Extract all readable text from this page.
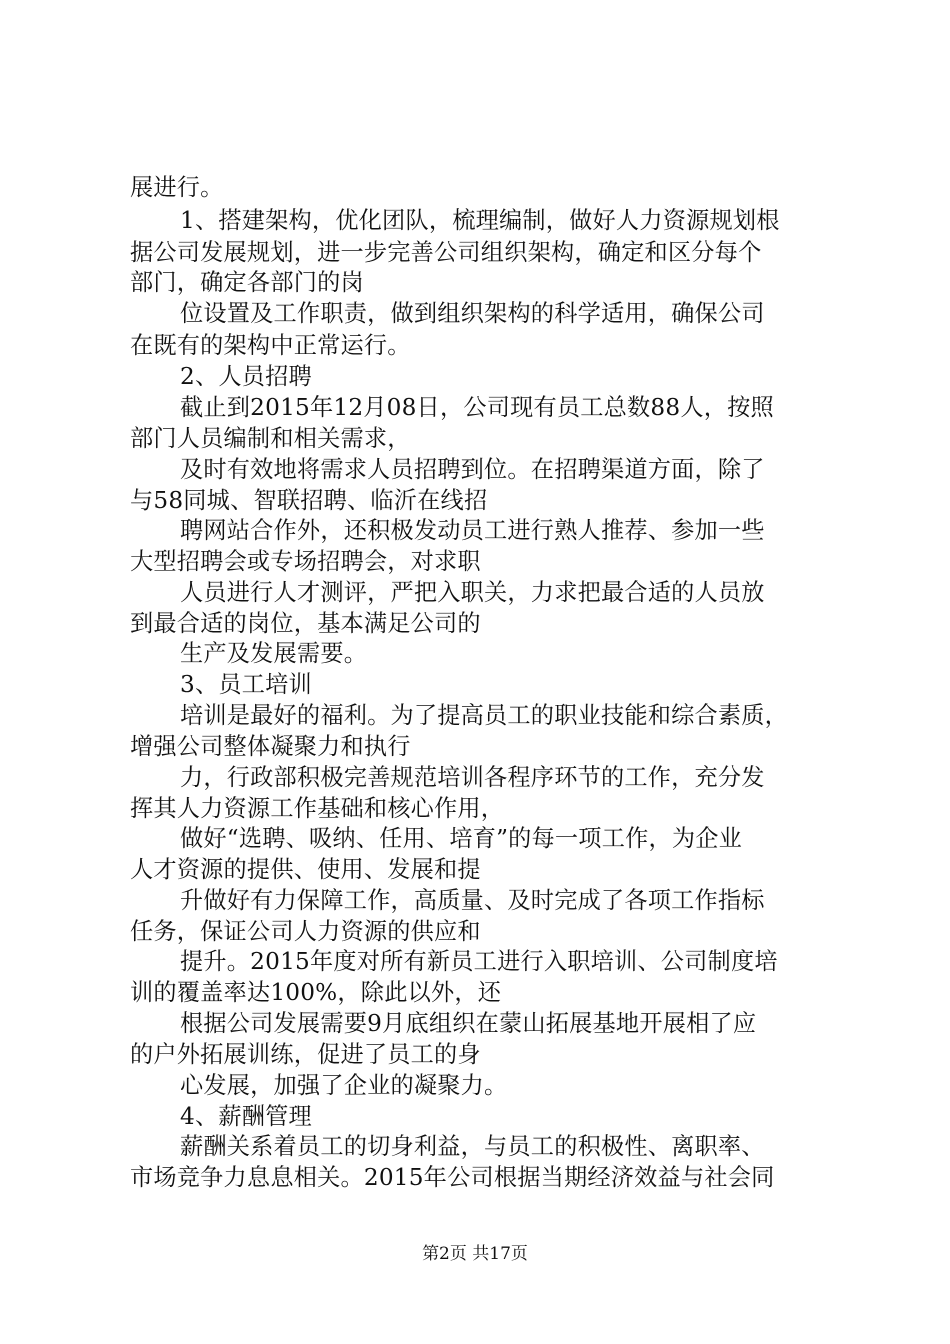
展进行。
1、搭建架构，优化团队，梳理编制，做好人力资源规划根
据公司发展规划，进一步完善公司组织架构，确定和区分每个
部门，确定各部门的岗
位设置及工作职责，做到组织架构的科学适用，确保公司
在既有的架构中正常运行。
2、人员招聘
截止到2015年12月08日，公司现有员工总数88人，按照
部门人员编制和相关需求，
及时有效地将需求人员招聘到位。在招聘渠道方面，除了
与58同城、智联招聘、临沂在线招
聘网站合作外，还积极发动员工进行熟人推荐、参加一些
大型招聘会或专场招聘会，对求职
人员进行人才测评，严把入职关，力求把最合适的人员放
到最合适的岗位，基本满足公司的
生产及发展需要。
3、员工培训
培训是最好的福利。为了提高员工的职业技能和综合素质，
增强公司整体凝聚力和执行
力，行政部积极完善规范培训各程序环节的工作，充分发
挥其人力资源工作基础和核心作用，
做好“选聘、吸纳、任用、培育”的每一项工作，为企业
人才资源的提供、使用、发展和提
升做好有力保障工作，高质量、及时完成了各项工作指标
任务，保证公司人力资源的供应和
提升。2015年度对所有新员工进行入职培训、公司制度培
训的覆盖率达100%，除此以外，还
根据公司发展需要9月底组织在蒙山拓展基地开展相了应
的户外拓展训练，促进了员工的身
心发展，加强了企业的凝聚力。
4、薪酬管理
薪酬关系着员工的切身利益，与员工的积极性、离职率、
市场竞争力息息相关。2015年公司根据当期经济效益与社会同
第2页 共17页
